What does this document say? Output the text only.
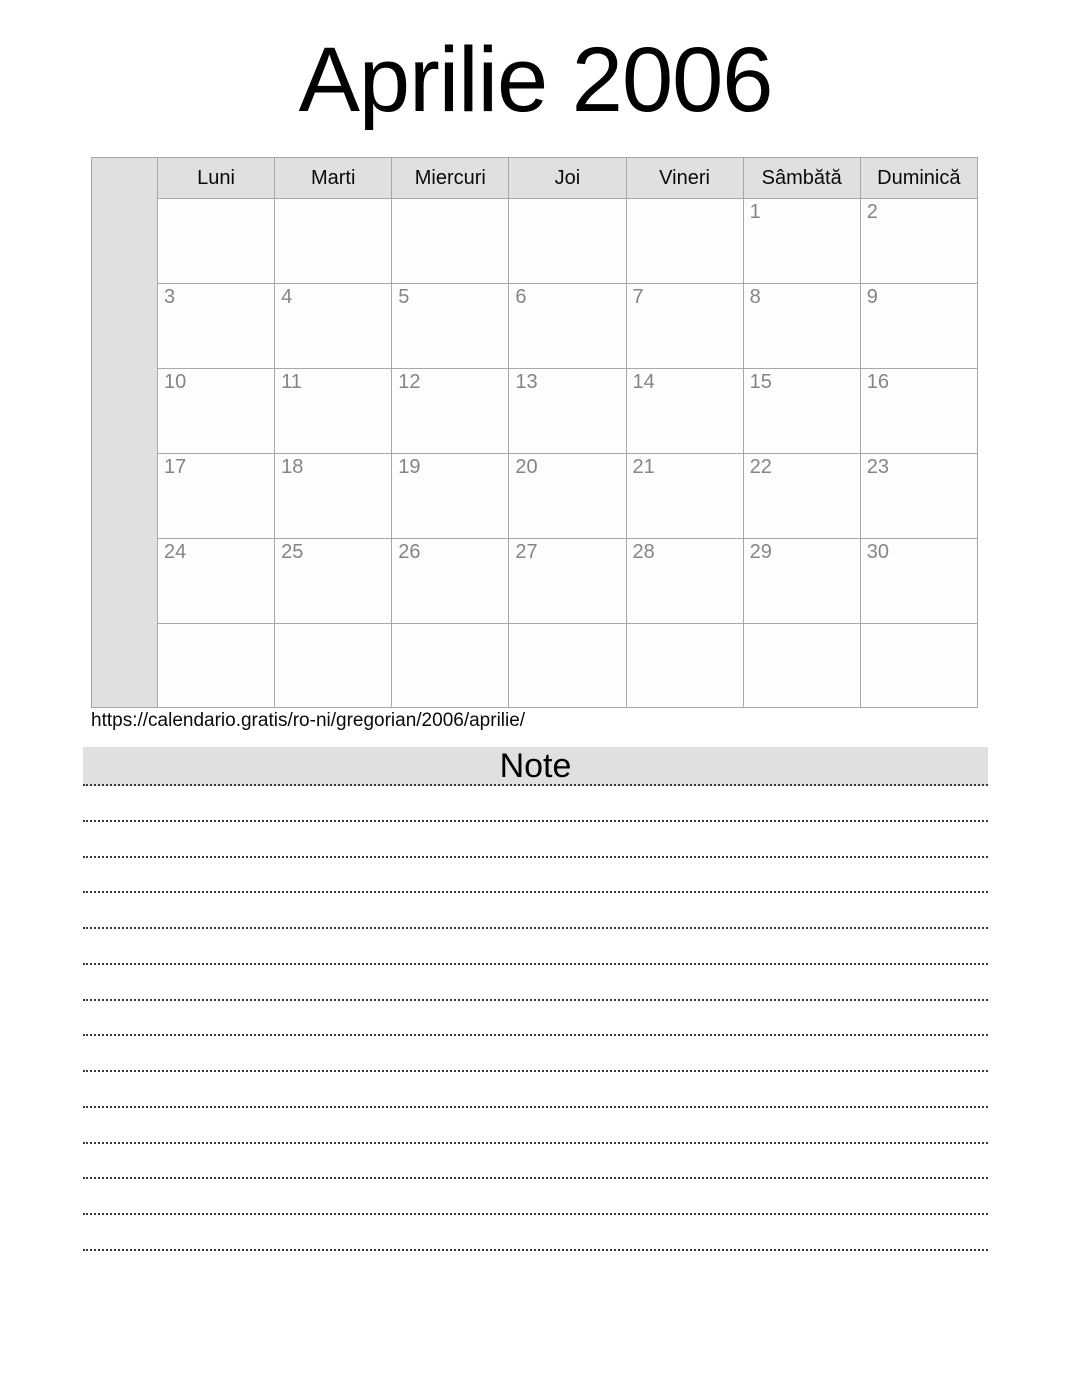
Aprilie 2006
	Luni	Marti	Miercuri	Joi	Vineri	Sâmbătă	Duminică
						1	2
	3	4	5	6	7	8	9
	10	11	12	13	14	15	16
	17	18	19	20	21	22	23
	24	25	26	27	28	29	30

https://calendario.gratis/ro-ni/gregorian/2006/aprilie/
Note
